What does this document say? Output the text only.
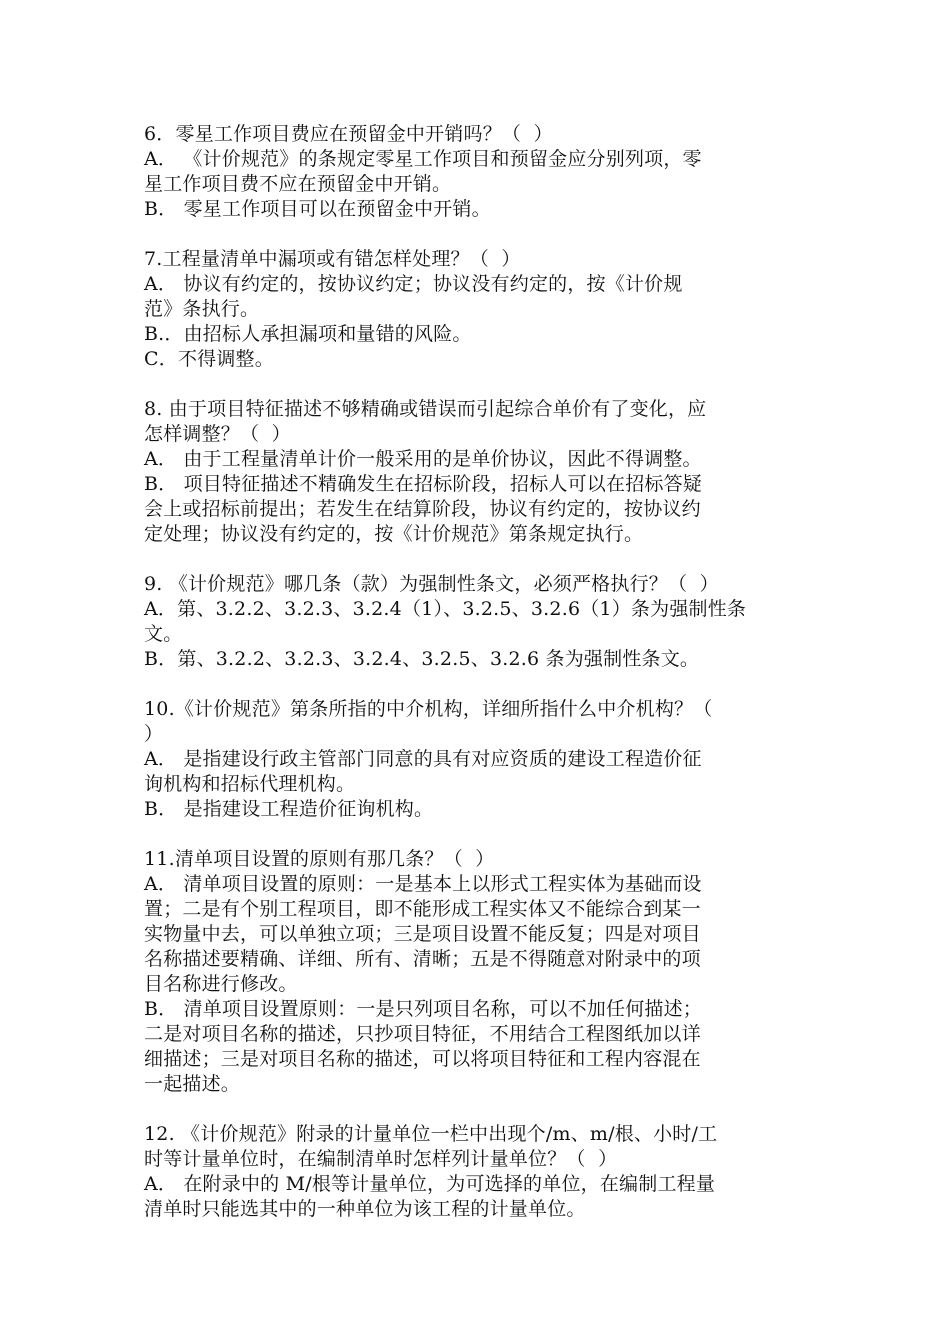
6．零星工作项目费应在预留金中开销吗？（  ）
A． 《计价规范》的条规定零星工作项目和预留金应分别列项，零
星工作项目费不应在预留金中开销。
B． 零星工作项目可以在预留金中开销。
7.工程量清单中漏项或有错怎样处理？（  ）
A． 协议有约定的，按协议约定；协议没有约定的，按《计价规
范》条执行。
B.．由招标人承担漏项和量错的风险。
C．不得调整。
8. 由于项目特征描述不够精确或错误而引起综合单价有了变化，应
怎样调整？（  ）
A． 由于工程量清单计价一般采用的是单价协议，因此不得调整。
B． 项目特征描述不精确发生在招标阶段，招标人可以在招标答疑
会上或招标前提出；若发生在结算阶段，协议有约定的，按协议约
定处理；协议没有约定的，按《计价规范》第条规定执行。
9. 《计价规范》哪几条（款）为强制性条文，必须严格执行？（  ）
A．第、3.2.2、3.2.3、3.2.4（1）、3.2.5、3.2.6（1）条为强制性条
文。
B．第、3.2.2、3.2.3、3.2.4、3.2.5、3.2.6 条为强制性条文。
10.《计价规范》第条所指的中介机构，详细所指什么中介机构？（
）
A． 是指建设行政主管部门同意的具有对应资质的建设工程造价征
询机构和招标代理机构。
B． 是指建设工程造价征询机构。
11.清单项目设置的原则有那几条？（  ）
A． 清单项目设置的原则：一是基本上以形式工程实体为基础而设
置；二是有个别工程项目，即不能形成工程实体又不能综合到某一
实物量中去，可以单独立项；三是项目设置不能反复；四是对项目
名称描述要精确、详细、所有、清晰；五是不得随意对附录中的项
目名称进行修改。
B． 清单项目设置原则：一是只列项目名称，可以不加任何描述；
二是对项目名称的描述，只抄项目特征，不用结合工程图纸加以详
细描述；三是对项目名称的描述，可以将项目特征和工程内容混在
一起描述。
12. 《计价规范》附录的计量单位一栏中出现个/m、m/根、小时/工
时等计量单位时，在编制清单时怎样列计量单位？（  ）
A． 在附录中的 M/根等计量单位，为可选择的单位，在编制工程量
清单时只能选其中的一种单位为该工程的计量单位。
